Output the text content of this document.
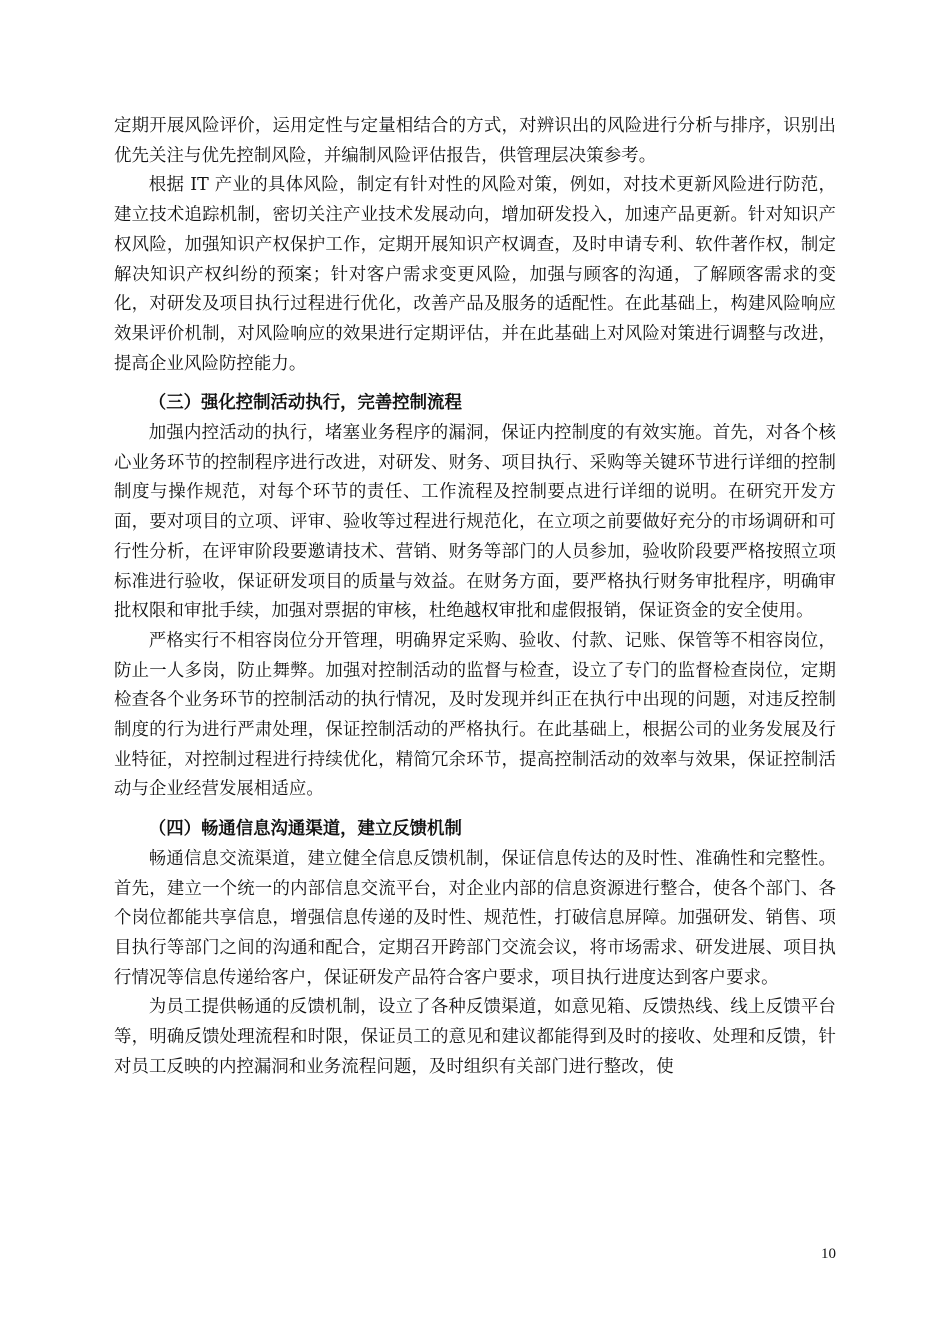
定期开展风险评价，运用定性与定量相结合的方式，对辨识出的风险进行分析与排序，识别出优先关注与优先控制风险，并编制风险评估报告，供管理层决策参考。

根据 IT 产业的具体风险，制定有针对性的风险对策，例如，对技术更新风险进行防范，建立技术追踪机制，密切关注产业技术发展动向，增加研发投入，加速产品更新。针对知识产权风险，加强知识产权保护工作，定期开展知识产权调查，及时申请专利、软件著作权，制定解决知识产权纠纷的预案；针对客户需求变更风险，加强与顾客的沟通，了解顾客需求的变化，对研发及项目执行过程进行优化，改善产品及服务的适配性。在此基础上，构建风险响应效果评价机制，对风险响应的效果进行定期评估，并在此基础上对风险对策进行调整与改进，提高企业风险防控能力。

（三）强化控制活动执行，完善控制流程

加强内控活动的执行，堵塞业务程序的漏洞，保证内控制度的有效实施。首先，对各个核心业务环节的控制程序进行改进，对研发、财务、项目执行、采购等关键环节进行详细的控制制度与操作规范，对每个环节的责任、工作流程及控制要点进行详细的说明。在研究开发方面，要对项目的立项、评审、验收等过程进行规范化，在立项之前要做好充分的市场调研和可行性分析，在评审阶段要邀请技术、营销、财务等部门的人员参加，验收阶段要严格按照立项标准进行验收，保证研发项目的质量与效益。在财务方面，要严格执行财务审批程序，明确审批权限和审批手续，加强对票据的审核，杜绝越权审批和虚假报销，保证资金的安全使用。

严格实行不相容岗位分开管理，明确界定采购、验收、付款、记账、保管等不相容岗位，防止一人多岗，防止舞弊。加强对控制活动的监督与检查，设立了专门的监督检查岗位，定期检查各个业务环节的控制活动的执行情况，及时发现并纠正在执行中出现的问题，对违反控制制度的行为进行严肃处理，保证控制活动的严格执行。在此基础上，根据公司的业务发展及行业特征，对控制过程进行持续优化，精简冗余环节，提高控制活动的效率与效果，保证控制活动与企业经营发展相适应。

（四）畅通信息沟通渠道，建立反馈机制

畅通信息交流渠道，建立健全信息反馈机制，保证信息传达的及时性、准确性和完整性。首先，建立一个统一的内部信息交流平台，对企业内部的信息资源进行整合，使各个部门、各个岗位都能共享信息，增强信息传递的及时性、规范性，打破信息屏障。加强研发、销售、项目执行等部门之间的沟通和配合，定期召开跨部门交流会议，将市场需求、研发进展、项目执行情况等信息传递给客户，保证研发产品符合客户要求，项目执行进度达到客户要求。

为员工提供畅通的反馈机制，设立了各种反馈渠道，如意见箱、反馈热线、线上反馈平台等，明确反馈处理流程和时限，保证员工的意见和建议都能得到及时的接收、处理和反馈，针对员工反映的内控漏洞和业务流程问题，及时组织有关部门进行整改，使

10
